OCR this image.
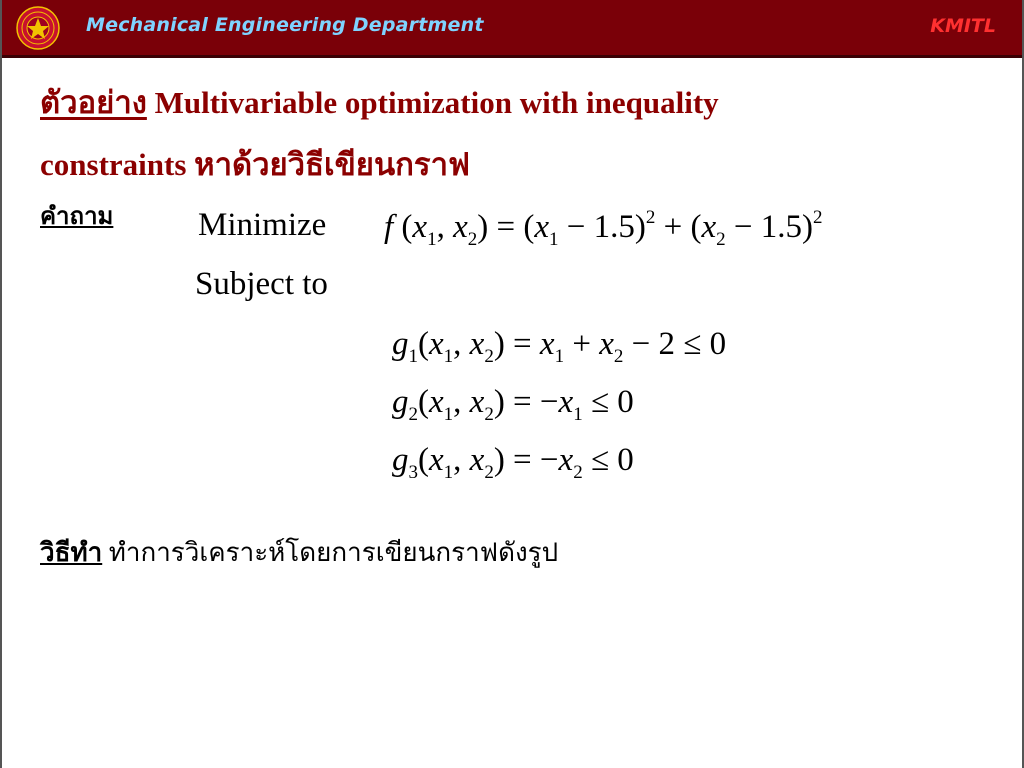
Mechanical Engineering Department	KMITL
ตัวอย่าง Multivariable optimization with inequality
constraints หาด้วยวิธีเขียนกราฟ
คำถาม	Minimize f ($x_1$, $x_2) = (x_1 - 1.5)^2 + (x_2 - 1.5)^2$
Subject to
$g_1(x_1$, $x_2) = x_1 + x_2 - 2 \le 0$
$g_2(x_1$, $x_2) = -x_1 \le 0$
$g_3(x_1$, $x_2) = -x_2 \le 0$
วิธีทำ ทำการวิเคราะห์โดยการเขียนกราฟดังรูป
